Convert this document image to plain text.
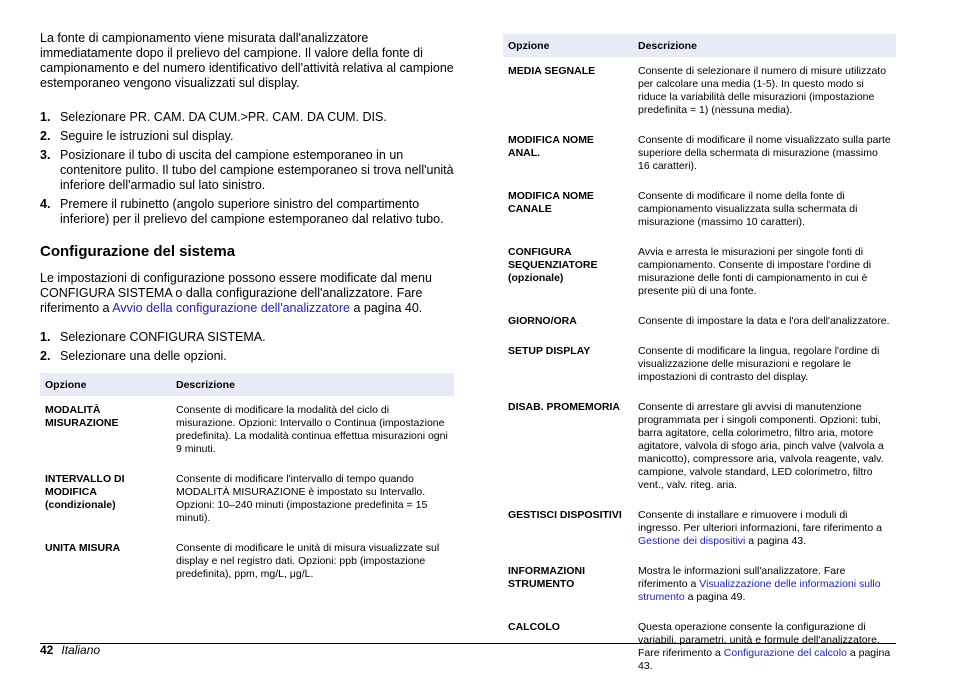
La fonte di campionamento viene misurata dall'analizzatore immediatamente dopo il prelievo del campione. Il valore della fonte di campionamento e del numero identificativo dell'attività relativa al campione estemporaneo vengono visualizzati sul display.

1. Selezionare PR. CAM. DA CUM.>PR. CAM. DA CUM. DIS.
2. Seguire le istruzioni sul display.
3. Posizionare il tubo di uscita del campione estemporaneo in un contenitore pulito. Il tubo del campione estemporaneo si trova nell'unità inferiore dell'armadio sul lato sinistro.
4. Premere il rubinetto (angolo superiore sinistro del compartimento inferiore) per il prelievo del campione estemporaneo dal relativo tubo.
Configurazione del sistema

Le impostazioni di configurazione possono essere modificate dal menu CONFIGURA SISTEMA o dalla configurazione dell'analizzatore. Fare riferimento a Avvio della configurazione dell'analizzatore a pagina 40.

1. Selezionare CONFIGURA SISTEMA.
2. Selezionare una delle opzioni.
Opzione	Descrizione
MODALITÀ MISURAZIONE	Consente di modificare la modalità del ciclo di misurazione. Opzioni: Intervallo o Continua (impostazione predefinita). La modalità continua effettua misurazioni ogni 9 minuti.
INTERVALLO DI MODIFICA (condizionale)	Consente di modificare l'intervallo di tempo quando MODALITÀ MISURAZIONE è impostato su Intervallo. Opzioni: 10–240 minuti (impostazione predefinita = 15 minuti).
UNITA MISURA	Consente di modificare le unità di misura visualizzate sul display e nel registro dati. Opzioni: ppb (impostazione predefinita), ppm, mg/L, μg/L.
Opzione	Descrizione
MEDIA SEGNALE	Consente di selezionare il numero di misure utilizzato per calcolare una media (1-5). In questo modo si riduce la variabilità delle misurazioni (impostazione predefinita = 1) (nessuna media).
MODIFICA NOME ANAL.	Consente di modificare il nome visualizzato sulla parte superiore della schermata di misurazione (massimo 16 caratteri).
MODIFICA NOME CANALE	Consente di modificare il nome della fonte di campionamento visualizzata sulla schermata di misurazione (massimo 10 caratteri).
CONFIGURA SEQUENZIATORE (opzionale)	Avvia e arresta le misurazioni per singole fonti di campionamento. Consente di impostare l'ordine di misurazione delle fonti di campionamento in cui è presente più di una fonte.
GIORNO/ORA	Consente di impostare la data e l'ora dell'analizzatore.
SETUP DISPLAY	Consente di modificare la lingua, regolare l'ordine di visualizzazione delle misurazioni e regolare le impostazioni di contrasto del display.
DISAB. PROMEMORIA	Consente di arrestare gli avvisi di manutenzione programmata per i singoli componenti. Opzioni: tubi, barra agitatore, cella colorimetro, filtro aria, motore agitatore, valvola di sfogo aria, pinch valve (valvola a manicotto), compressore aria, valvola reagente, valv. campione, valvole standard, LED colorimetro, filtro vent., valv. riteg. aria.
GESTISCI DISPOSITIVI	Consente di installare e rimuovere i moduli di ingresso. Per ulteriori informazioni, fare riferimento a Gestione dei dispositivi a pagina 43.
INFORMAZIONI STRUMENTO	Mostra le informazioni sull'analizzatore. Fare riferimento a Visualizzazione delle informazioni sullo strumento a pagina 49.
CALCOLO	Questa operazione consente la configurazione di variabili, parametri, unità e formule dell'analizzatore. Fare riferimento a Configurazione del calcolo a pagina 43.
42 Italiano
